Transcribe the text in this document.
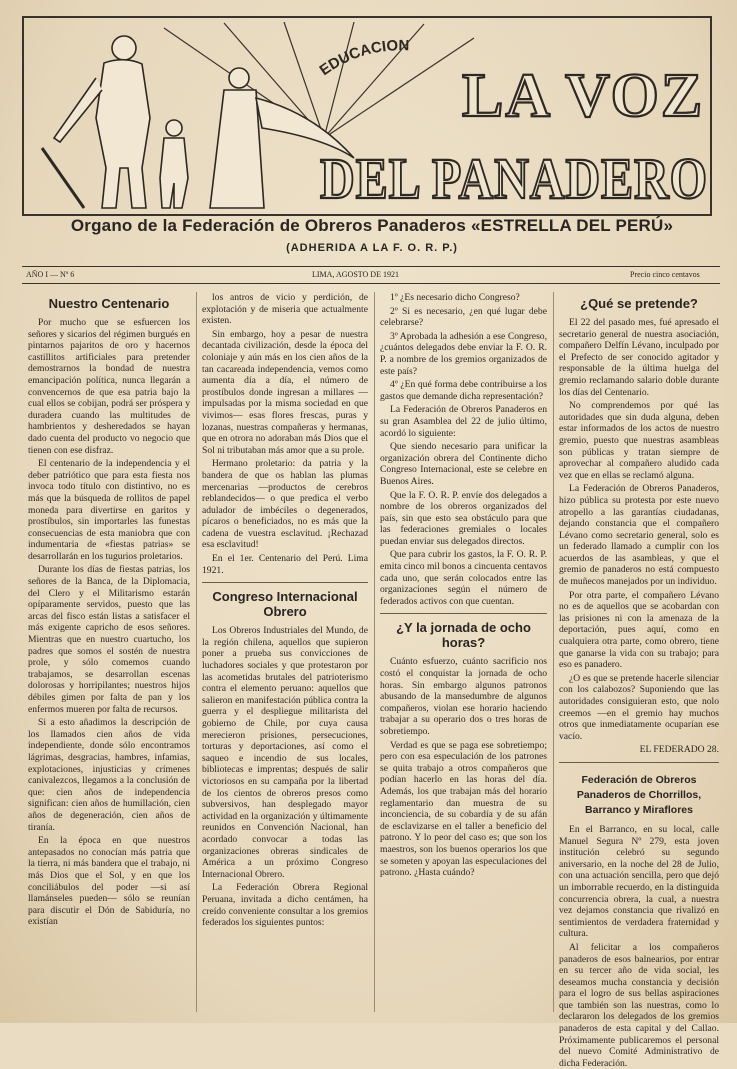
EDUCACION
LA VOZ
DEL PANADERO
Organo de la Federación de Obreros Panaderos «ESTRELLA DEL PERÚ»
(ADHERIDA A LA F. O. R. P.)
AÑO I — Nº 6	LIMA, AGOSTO DE 1921	Precio cinco centavos
Nuestro Centenario

Por mucho que se esfuercen los señores y sicarios del régimen burgués en pintarnos pajaritos de oro y hacernos castillitos artificiales para pretender demostrarnos la bondad de nuestra emancipación política, nunca llegarán a convencernos de que esa patria bajo la cual ellos se cobijan, podrá ser próspera y duradera cuando las multitudes de hambrientos y desheredados se hayan dado cuenta del producto vo negocio que tienen con ese disfraz.

El centenario de la independencia y el deber patriótico que para esta fiesta nos invoca todo título con distintivo, no es más que la búsqueda de rollitos de papel moneda para divertirse en garitos y prostíbulos, sin importarles las funestas consecuencias de esta maniobra que con indumentaria de «fiestas patrias» se desarrollarán en los tugurios proletarios.

Durante los días de fiestas patrias, los señores de la Banca, de la Diplomacia, del Clero y el Militarismo estarán opíparamente servidos, puesto que las arcas del fisco están listas a satisfacer el más exigente capricho de esos señores. Mientras que en nuestro cuartucho, los padres que somos el sostén de nuestra prole, y sólo comemos cuando trabajamos, se desarrollan escenas dolorosas y horripilantes; nuestros hijos débiles gimen por falta de pan y los enfermos mueren por falta de recursos.

Si a esto añadimos la descripción de los llamados cien años de vida independiente, donde sólo encontramos lágrimas, desgracias, hambres, infamias, explotaciones, injusticias y crímenes canivalezcos, llegamos a la conclusión de que: cien años de independencia significan: cien años de humillación, cien años de degeneración, cien años de tiranía.

En la época en que nuestros antepasados no conocían más patria que la tierra, ni más bandera que el trabajo, ni más Dios que el Sol, y en que los conciliábulos del poder —si así llamánseles pueden— sólo se reunían para discutir el Dón de Sabiduría, no existían

los antros de vicio y perdición, de explotación y de miseria que actualmente existen.

Sin embargo, hoy a pesar de nuestra decantada civilización, desde la época del coloniaje y aún más en los cien años de la tan cacareada independencia, vemos como aumenta día a día, el número de prostíbulos donde ingresan a millares —impulsadas por la misma sociedad en que vivimos— esas flores frescas, puras y lozanas, nuestras compañeras y hermanas, que en otrora no adoraban más Dios que el Sol ni tributaban más amor que a su prole.

Hermano proletario: da patria y la bandera de que os hablan las plumas mercenarias —productos de cerebros reblandecidos— o que predica el verbo adulador de imbéciles o degenerados, pícaros o beneficiados, no es más que la cadena de vuestra esclavitud. ¡Rechazad esa esclavitud!

En el 1er. Centenario del Perú. Lima 1921.

Congreso Internacional Obrero

Los Obreros Industriales del Mundo, de la región chilena, aquellos que supieron poner a prueba sus convicciones de luchadores sociales y que protestaron por las acometidas brutales del patrioterismo contra el elemento peruano: aquellos que salieron en manifestación pública contra la guerra y el despliegue militarista del gobierno de Chile, por cuya causa merecieron prisiones, persecuciones, torturas y deportaciones, así como el saqueo e incendio de sus locales, bibliotecas e imprentas; después de salir victoriosos en su campaña por la libertad de los cientos de obreros presos como subversivos, han desplegado mayor actividad en la organización y últimamente reunidos en Convención Nacional, han acordado convocar a todas las organizaciones obreras sindicales de América a un próximo Congreso Internacional Obrero.

La Federación Obrera Regional Peruana, invitada a dicho centámen, ha creído conveniente consultar a los gremios federados los siguientes puntos:

1º ¿Es necesario dicho Congreso?

2º Si es necesario, ¿en qué lugar debe celebrarse?

3º Aprobada la adhesión a ese Congreso, ¿cuántos delegados debe enviar la F. O. R. P. a nombre de los gremios organizados de este país?

4º ¿En qué forma debe contribuirse a los gastos que demande dicha representación?

La Federación de Obreros Panaderos en su gran Asamblea del 22 de julio último, acordó lo siguiente:

Que siendo necesario para unificar la organización obrera del Continente dicho Congreso Internacional, este se celebre en Buenos Aires.

Que la F. O. R. P. envíe dos delegados a nombre de los obreros organizados del país, sin que esto sea obstáculo para que las federaciones gremiales o locales puedan enviar sus delegados directos.

Que para cubrir los gastos, la F. O. R. P. emita cinco mil bonos a cincuenta centavos cada uno, que serán colocados entre las organizaciones según el número de federados activos con que cuentan.

¿Y la jornada de ocho horas?

Cuánto esfuerzo, cuánto sacrificio nos costó el conquistar la jornada de ocho horas. Sin embargo algunos patronos abusando de la mansedumbre de algunos compañeros, violan ese horario haciendo trabajar a su operario dos o tres horas de sobretiempo.

Verdad es que se paga ese sobretiempo; pero con esa especulación de los patrones se quita trabajo a otros compañeros que podían hacerlo en las horas del día. Además, los que trabajan más del horario reglamentario dan muestra de su inconciencia, de su cobardía y de su afán de esclavizarse en el taller a beneficio del patrono. Y lo peor del caso es; que son los maestros, son los buenos operarios los que se someten y apoyan las especulaciones del patrono. ¿Hasta cuándo?

¿Qué se pretende?

El 22 del pasado mes, fué apresado el secretario general de nuestra asociación, compañero Delfín Lévano, inculpado por el Prefecto de ser conocido agitador y responsable de la última huelga del gremio reclamando salario doble durante los días del Centenario.

No comprendemos por qué las autoridades que sin duda alguna, deben estar informados de los actos de nuestro gremio, puesto que nuestras asambleas son públicas y tratan siempre de aprovechar al compañero aludido cada vez que en ellas se reclamó alguna.

La Federación de Obreros Panaderos, hizo pública su protesta por este nuevo atropello a las garantías ciudadanas, dejando constancia que el compañero Lévano como secretario general, solo es un federado llamado a cumplir con los acuerdos de las asambleas, y que el gremio de panaderos no está compuesto de muñecos manejados por un individuo.

Por otra parte, el compañero Lévano no es de aquellos que se acobardan con las prisiones ni con la amenaza de la deportación, pues aquí, como en cualquiera otra parte, como obrero, tiene que ganarse la vida con su trabajo; para eso es panadero.

¿O es que se pretende hacerle silenciar con los calabozos? Suponiendo que las autoridades consiguieran esto, que nolo creemos —en el gremio hay muchos otros que inmediatamente ocuparían ese vacío.

EL FEDERADO 28.

Federación de Obreros Panaderos de Chorrillos, Barranco y Miraflores

En el Barranco, en su local, calle Manuel Segura Nº 279, esta joven institución celebró su segundo aniversario, en la noche del 28 de Julio, con una actuación sencilla, pero que dejó un imborrable recuerdo, en la distinguida concurrencia obrera, la cual, a nuestra vez dejamos constancia que rivalizó en sentimientos de verdadera fraternidad y cultura.

Al felicitar a los compañeros panaderos de esos balnearios, por entrar en su tercer año de vida social, les deseamos mucha constancia y decisión para el logro de sus bellas aspiraciones que también son las nuestras, como lo declararon los delegados de los gremios panaderos de esta capital y del Callao. Próximamente publicaremos el personal del nuevo Comité Administrativo de dicha Federación.
